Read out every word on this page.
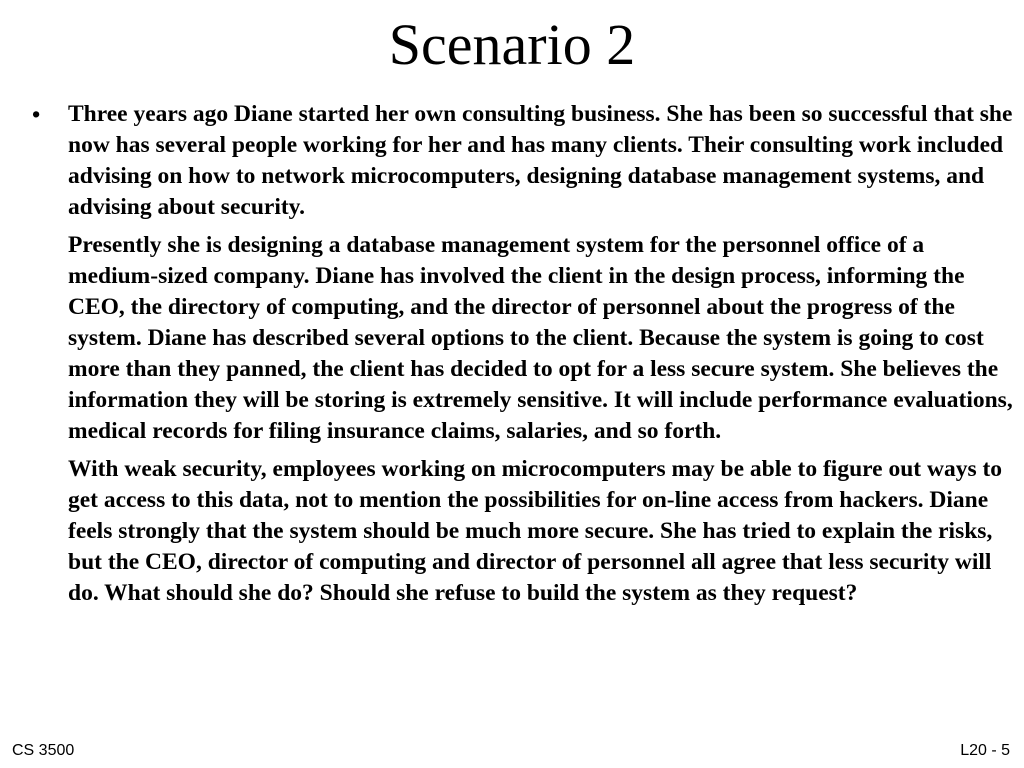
Scenario 2

• Three years ago Diane started her own consulting business. She has been so successful that she now has several people working for her and has many clients. Their consulting work included advising on how to network microcomputers, designing database management systems, and advising about security.

Presently she is designing a database management system for the personnel office of a medium-sized company. Diane has involved the client in the design process, informing the CEO, the directory of computing, and the director of personnel about the progress of the system. Diane has described several options to the client. Because the system is going to cost more than they panned, the client has decided to opt for a less secure system. She believes the information they will be storing is extremely sensitive. It will include performance evaluations, medical records for filing insurance claims, salaries, and so forth.

With weak security, employees working on microcomputers may be able to figure out ways to get access to this data, not to mention the possibilities for on-line access from hackers. Diane feels strongly that the system should be much more secure. She has tried to explain the risks, but the CEO, director of computing and director of personnel all agree that less security will do. What should she do? Should she refuse to build the system as they request?

CS 3500	L20 - 5
